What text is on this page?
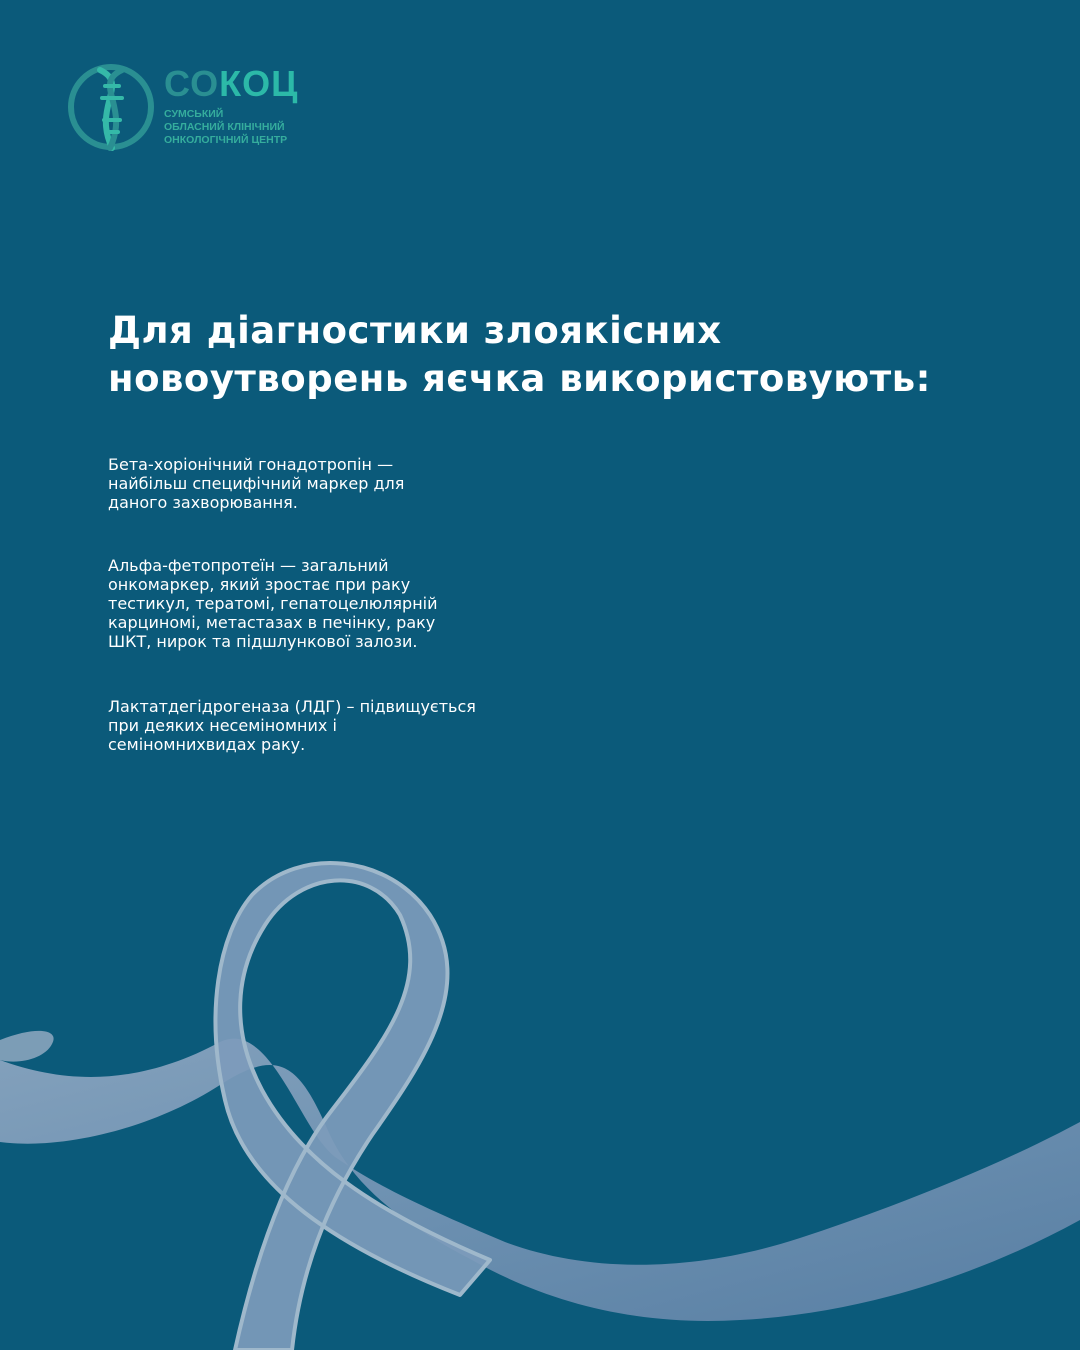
СОКОЦ
СУМСЬКИЙ
ОБЛАСНИЙ КЛІНІЧНИЙ
ОНКОЛОГІЧНИЙ ЦЕНТР
Для діагностики злоякісних
новоутворень яєчка використовують:

Бета-хоріонічний гонадотропін —
найбільш специфічний маркер для
даного захворювання.

Альфа-фетопротеїн — загальний
онкомаркер, який зростає при раку
тестикул, тератомі, гепатоцелюлярній
карциномі, метастазах в печінку, раку
ШКТ, нирок та підшлункової залози.

Лактатдегідрогеназа (ЛДГ) – підвищується
при деяких несеміномних і
семіномнихвидах раку.
